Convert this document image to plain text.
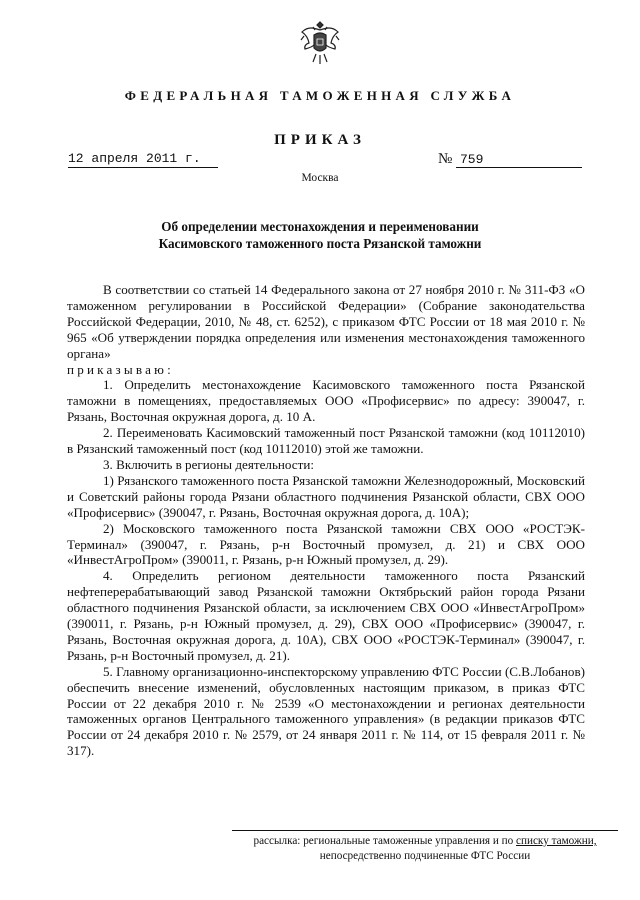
ФЕДЕРАЛЬНАЯ ТАМОЖЕННАЯ СЛУЖБА
ПРИКАЗ
12 апреля 2011 г.	№ 759
Москва
Об определении местонахождения и переименовании
Касимовского таможенного поста Рязанской таможни

В соответствии со статьей 14 Федерального закона от 27 ноября 2010 г. № 311-ФЗ «О таможенном регулировании в Российской Федерации» (Собрание законодательства Российской Федерации, 2010, № 48, ст. 6252), с приказом ФТС России от 18 мая 2010 г. № 965 «Об утверждении порядка определения или изменения местонахождения таможенного органа»

приказываю:

1. Определить местонахождение Касимовского таможенного поста Рязанской таможни в помещениях, предоставляемых ООО «Профисервис» по адресу: 390047, г. Рязань, Восточная окружная дорога, д. 10 А.

2. Переименовать Касимовский таможенный пост Рязанской таможни (код 10112010) в Рязанский таможенный пост (код 10112010) этой же таможни.

3. Включить в регионы деятельности:

1) Рязанского таможенного поста Рязанской таможни Железнодорожный, Московский и Советский районы города Рязани областного подчинения Рязанской области, СВХ ООО «Профисервис» (390047, г. Рязань, Восточная окружная дорога, д. 10А);

2) Московского таможенного поста Рязанской таможни СВХ ООО «РОСТЭК-Терминал» (390047, г. Рязань, р-н Восточный промузел, д. 21) и СВХ ООО «ИнвестАгроПром» (390011, г. Рязань, р-н Южный промузел, д. 29).

4. Определить регионом деятельности таможенного поста Рязанский нефтеперерабатывающий завод Рязанской таможни Октябрьский район города Рязани областного подчинения Рязанской области, за исключением СВХ ООО «ИнвестАгроПром» (390011, г. Рязань, р-н Южный промузел, д. 29), СВХ ООО «Профисервис» (390047, г. Рязань, Восточная окружная дорога, д. 10А), СВХ ООО «РОСТЭК-Терминал» (390047, г. Рязань, р-н Восточный промузел, д. 21).

5. Главному организационно-инспекторскому управлению ФТС России (С.В.Лобанов) обеспечить внесение изменений, обусловленных настоящим приказом, в приказ ФТС России от 22 декабря 2010 г. № 2539 «О местонахождении и регионах деятельности таможенных органов Центрального таможенного управления» (в редакции приказов ФТС России от 24 декабря 2010 г. № 2579, от 24 января 2011 г. № 114, от 15 февраля 2011 г. № 317).

рассылка: региональные таможенные управления и по списку таможни,
непосредственно подчиненные ФТС России
